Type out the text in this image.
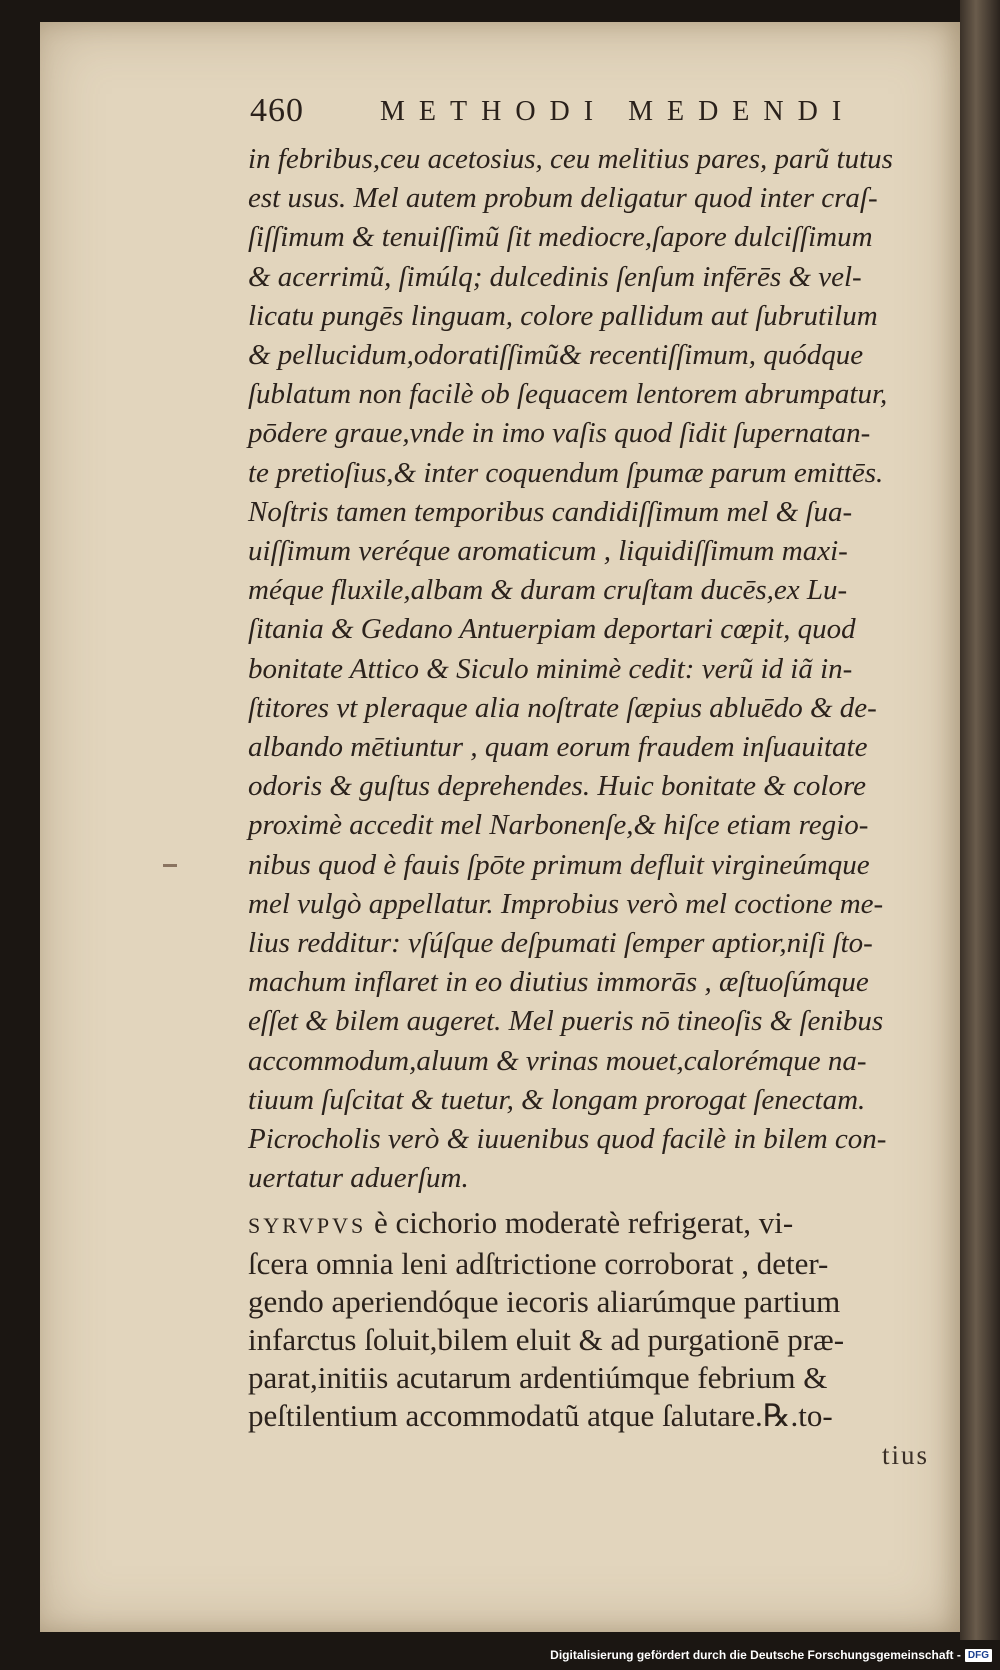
460	METHODI MEDENDI
in febribus,ceu acetosius, ceu melitius pares, parũ tutus
est usus. Mel autem probum deligatur quod inter craſ-
ſiſſimum & tenuiſſimũ ſit mediocre,ſapore dulciſſimum
& acerrimũ, ſimúlq; dulcedinis ſenſum infērēs & vel-
licatu pungēs linguam, colore pallidum aut ſubrutilum
& pellucidum,odoratiſſimũ& recentiſſimum, quódque
ſublatum non facilè ob ſequacem lentorem abrumpatur,
pōdere graue,vnde in imo vaſis quod ſidit ſupernatan-
te pretioſius,& inter coquendum ſpumæ parum emittēs.
Noſtris tamen temporibus candidiſſimum mel & ſua-
uiſſimum veréque aromaticum , liquidiſſimum maxi-
méque fluxile,albam & duram cruſtam ducēs,ex Lu-
ſitania & Gedano Antuerpiam deportari cœpit, quod
bonitate Attico & Siculo minimè cedit: verũ id iã in-
ſtitores vt pleraque alia noſtrate ſæpius abluēdo & de-
albando mētiuntur , quam eorum fraudem inſuauitate
odoris & guſtus deprehendes. Huic bonitate & colore
proximè accedit mel Narbonenſe,& hiſce etiam regio-
nibus quod è fauis ſpōte primum defluit virgineúmque
mel vulgò appellatur. Improbius verò mel coctione me-
lius redditur: vſúſque deſpumati ſemper aptior,niſi ſto-
machum inflaret in eo diutius immorās , æſtuoſúmque
eſſet & bilem augeret. Mel pueris nō tineoſis & ſenibus
accommodum,aluum & vrinas mouet,calorémque na-
tiuum ſuſcitat & tuetur, & longam prorogat ſenectam.
Picrocholis verò & iuuenibus quod facilè in bilem con-
uertatur aduerſum.
SYRVPVS è cichorio moderatè refrigerat, vi-
ſcera omnia leni adſtrictione corroborat , deter-
gendo aperiendóque iecoris aliarúmque partium
infarctus ſoluit,bilem eluit & ad purgationē præ-
parat,initiis acutarum ardentiúmque febrium &
peſtilentium accommodatũ atque ſalutare.℞.to-
tius
Digitalisierung gefördert durch die Deutsche Forschungsgemeinschaft - DFG
